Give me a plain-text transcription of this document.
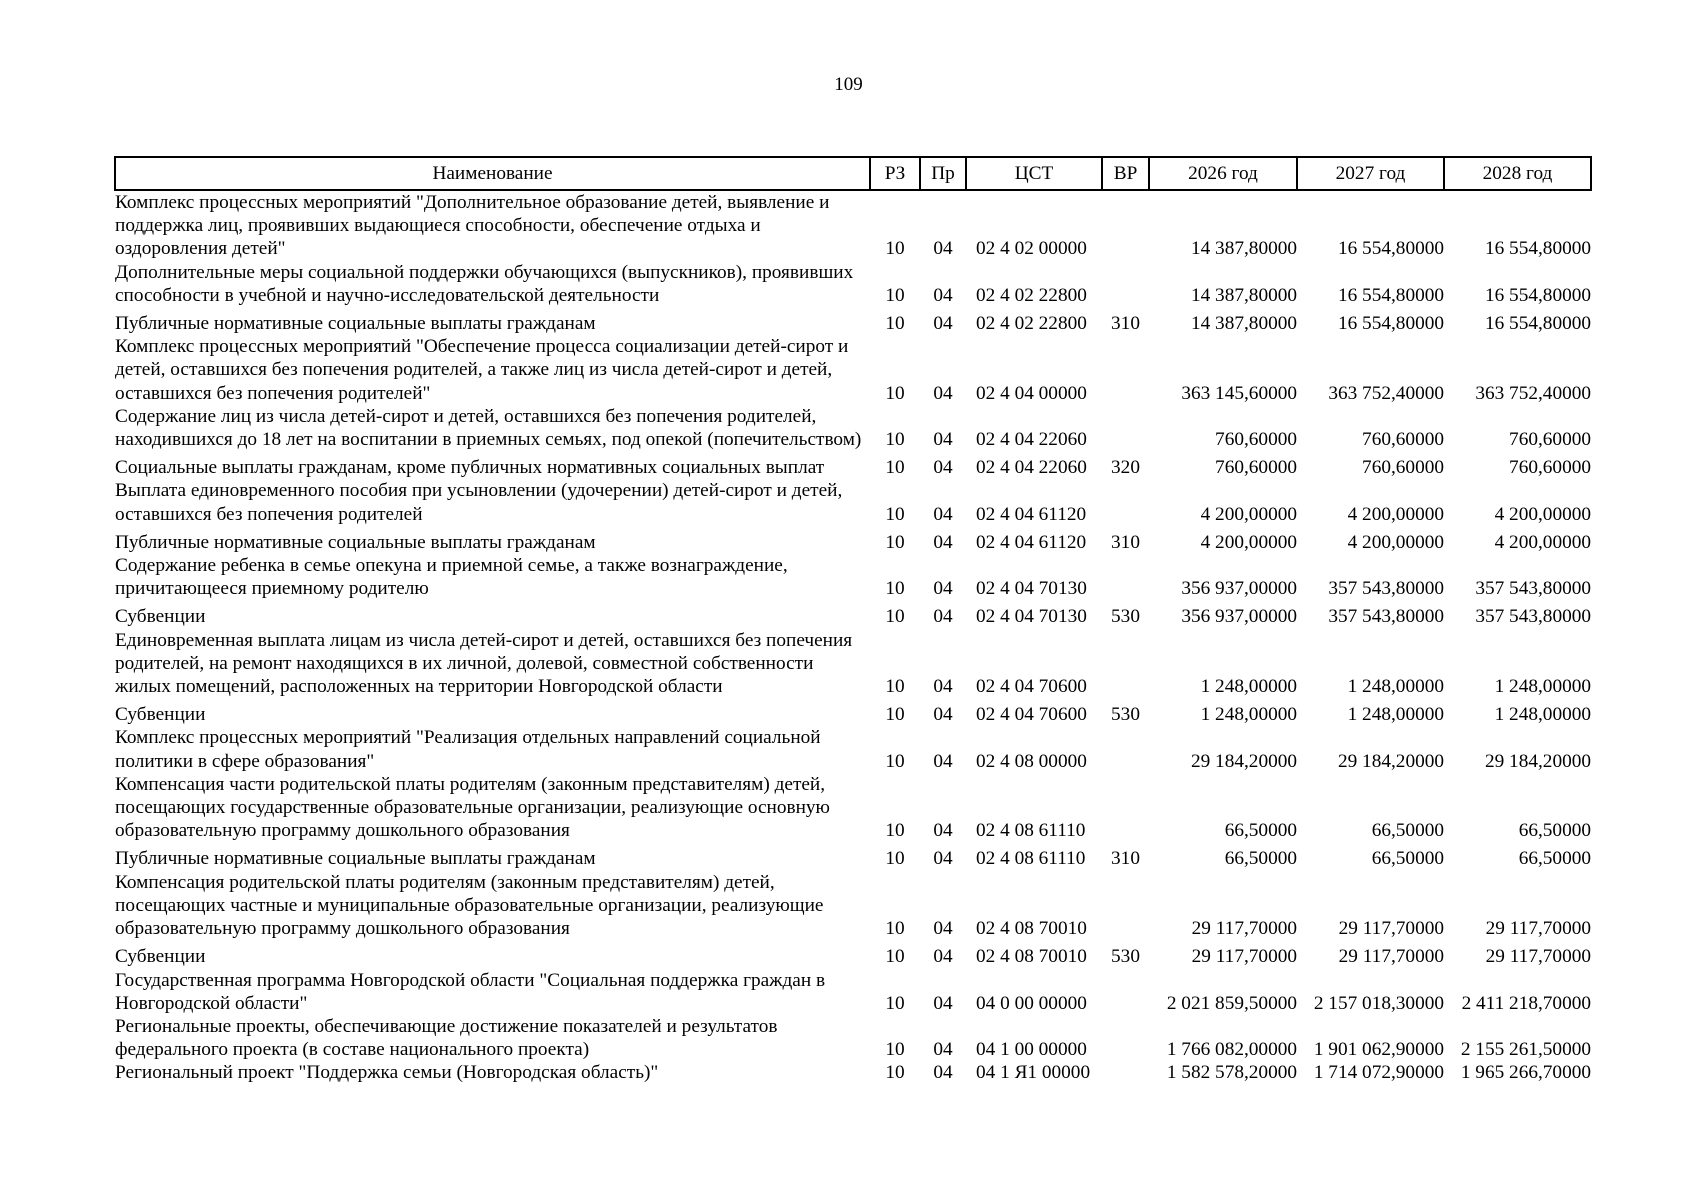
109
Наименование	РЗ	Пр	ЦСТ	ВР	2026 год	2027 год	2028 год
Комплекс процессных мероприятий "Дополнительное образование детей, выявление и поддержка лиц, проявивших выдающиеся способности, обеспечение отдыха и оздоровления детей"	10	04	02 4 02 00000		14 387,80000	16 554,80000	16 554,80000
Дополнительные меры социальной поддержки обучающихся (выпускников), проявивших способности в учебной и научно-исследовательской деятельности	10	04	02 4 02 22800		14 387,80000	16 554,80000	16 554,80000
Публичные нормативные социальные выплаты гражданам	10	04	02 4 02 22800	310	14 387,80000	16 554,80000	16 554,80000
Комплекс процессных мероприятий "Обеспечение процесса социализации детей-сирот и детей, оставшихся без попечения родителей, а также лиц из числа детей-сирот и детей, оставшихся без попечения родителей"	10	04	02 4 04 00000		363 145,60000	363 752,40000	363 752,40000
Содержание лиц из числа детей-сирот и детей, оставшихся без попечения родителей, находившихся до 18 лет на воспитании в приемных семьях, под опекой (попечительством)	10	04	02 4 04 22060		760,60000	760,60000	760,60000
Социальные выплаты гражданам, кроме публичных нормативных социальных выплат	10	04	02 4 04 22060	320	760,60000	760,60000	760,60000
Выплата единовременного пособия при усыновлении (удочерении) детей-сирот и детей, оставшихся без попечения родителей	10	04	02 4 04 61120		4 200,00000	4 200,00000	4 200,00000
Публичные нормативные социальные выплаты гражданам	10	04	02 4 04 61120	310	4 200,00000	4 200,00000	4 200,00000
Содержание ребенка в семье опекуна и приемной семье, а также вознаграждение, причитающееся приемному родителю	10	04	02 4 04 70130		356 937,00000	357 543,80000	357 543,80000
Субвенции	10	04	02 4 04 70130	530	356 937,00000	357 543,80000	357 543,80000
Единовременная выплата лицам из числа детей-сирот и детей, оставшихся без попечения родителей, на ремонт находящихся в их личной, долевой, совместной собственности жилых помещений, расположенных на территории Новгородской области	10	04	02 4 04 70600		1 248,00000	1 248,00000	1 248,00000
Субвенции	10	04	02 4 04 70600	530	1 248,00000	1 248,00000	1 248,00000
Комплекс процессных мероприятий "Реализация отдельных направлений социальной политики в сфере образования"	10	04	02 4 08 00000		29 184,20000	29 184,20000	29 184,20000
Компенсация части родительской платы родителям (законным представителям) детей, посещающих государственные образовательные организации, реализующие основную образовательную программу дошкольного образования	10	04	02 4 08 61110		66,50000	66,50000	66,50000
Публичные нормативные социальные выплаты гражданам	10	04	02 4 08 61110	310	66,50000	66,50000	66,50000
Компенсация родительской платы родителям (законным представителям) детей, посещающих частные и муниципальные образовательные организации, реализующие образовательную программу дошкольного образования	10	04	02 4 08 70010		29 117,70000	29 117,70000	29 117,70000
Субвенции	10	04	02 4 08 70010	530	29 117,70000	29 117,70000	29 117,70000
Государственная программа Новгородской области "Социальная поддержка граждан в Новгородской области"	10	04	04 0 00 00000		2 021 859,50000	2 157 018,30000	2 411 218,70000
Региональные проекты, обеспечивающие достижение показателей и результатов федерального проекта (в составе национального проекта)	10	04	04 1 00 00000		1 766 082,00000	1 901 062,90000	2 155 261,50000
Региональный проект "Поддержка семьи (Новгородская область)"	10	04	04 1 Я1 00000		1 582 578,20000	1 714 072,90000	1 965 266,70000
